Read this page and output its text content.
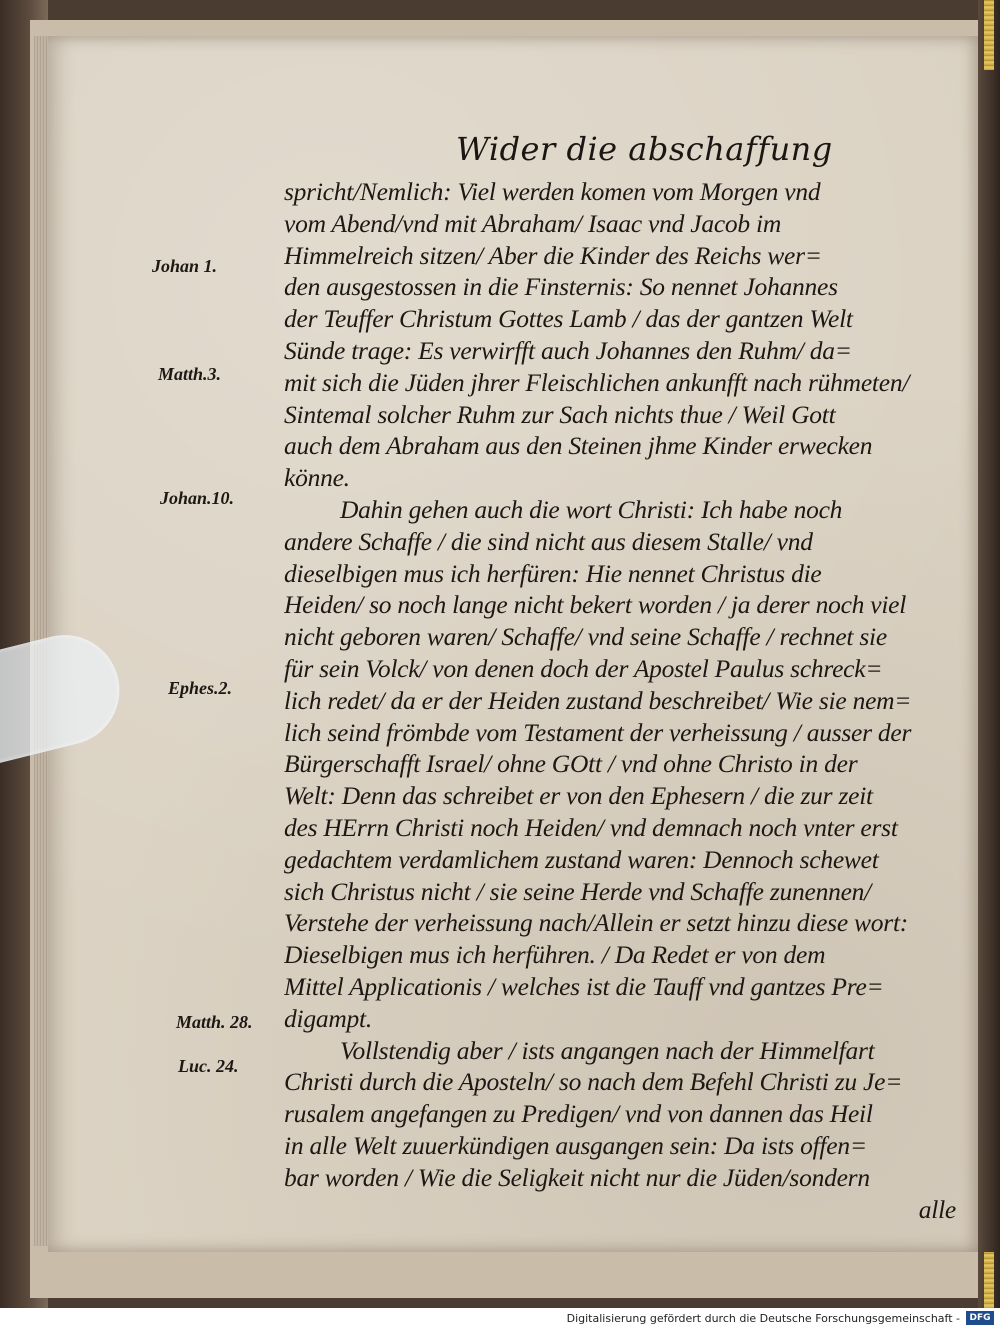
Wider die abschaffung
Johan 1.
Matth.3.
Johan.10.
Ephes.2.
Matth. 28.
Luc. 24.
spricht/Nemlich: Viel werden komen vom Morgen vnd
vom Abend/vnd mit Abraham/ Isaac vnd Jacob im
Himmelreich sitzen/ Aber die Kinder des Reichs wer=
den ausgestossen in die Finsternis: So nennet Johannes
der Teuffer Christum Gottes Lamb / das der gantzen Welt
Sünde trage: Es verwirfft auch Johannes den Ruhm/ da=
mit sich die Jüden jhrer Fleischlichen ankunfft nach rühmeten/
Sintemal solcher Ruhm zur Sach nichts thue / Weil Gott
auch dem Abraham aus den Steinen jhme Kinder erwecken
könne.
Dahin gehen auch die wort Christi: Ich habe noch
andere Schaffe / die sind nicht aus diesem Stalle/ vnd
dieselbigen mus ich herfüren: Hie nennet Christus die
Heiden/ so noch lange nicht bekert worden / ja derer noch viel
nicht geboren waren/ Schaffe/ vnd seine Schaffe / rechnet sie
für sein Volck/ von denen doch der Apostel Paulus schreck=
lich redet/ da er der Heiden zustand beschreibet/ Wie sie nem=
lich seind frömbde vom Testament der verheissung / ausser der
Bürgerschafft Israel/ ohne GOtt / vnd ohne Christo in der
Welt: Denn das schreibet er von den Ephesern / die zur zeit
des HErrn Christi noch Heiden/ vnd demnach noch vnter erst
gedachtem verdamlichem zustand waren: Dennoch schewet
sich Christus nicht / sie seine Herde vnd Schaffe zunennen/
Verstehe der verheissung nach/Allein er setzt hinzu diese wort:
Dieselbigen mus ich herführen. / Da Redet er von dem
Mittel Applicationis / welches ist die Tauff vnd gantzes Pre=
digampt.
Vollstendig aber / ists angangen nach der Himmelfart
Christi durch die Aposteln/ so nach dem Befehl Christi zu Je=
rusalem angefangen zu Predigen/ vnd von dannen das Heil
in alle Welt zuuerkündigen ausgangen sein: Da ists offen=
bar worden / Wie die Seligkeit nicht nur die Jüden/sondern
alle
Digitalisierung gefördert durch die Deutsche Forschungsgemeinschaft -	DFG
